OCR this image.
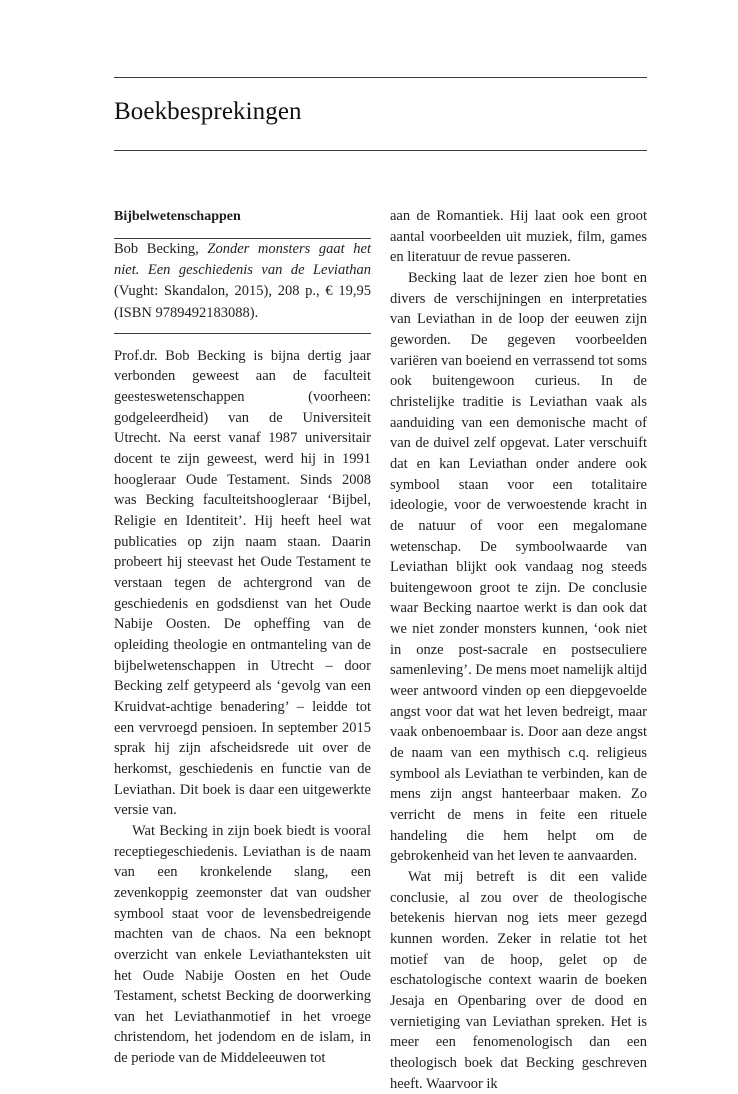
Boekbesprekingen

Bijbelwetenschappen

Bob Becking, Zonder monsters gaat het niet. Een geschiedenis van de Leviathan (Vught: Skandalon, 2015), 208 p., € 19,95 (ISBN 9789492183088).

Prof.dr. Bob Becking is bijna dertig jaar verbonden geweest aan de faculteit geesteswetenschappen (voorheen: godgeleerdheid) van de Universiteit Utrecht. Na eerst vanaf 1987 universitair docent te zijn geweest, werd hij in 1991 hoogleraar Oude Testament. Sinds 2008 was Becking faculteitshoogleraar ‘Bijbel, Religie en Identiteit’. Hij heeft heel wat publicaties op zijn naam staan. Daarin probeert hij steevast het Oude Testament te verstaan tegen de achtergrond van de geschiedenis en godsdienst van het Oude Nabije Oosten. De opheffing van de opleiding theologie en ontmanteling van de bijbelwetenschappen in Utrecht – door Becking zelf getypeerd als ‘gevolg van een Kruidvat-achtige benadering’ – leidde tot een vervroegd pensioen. In september 2015 sprak hij zijn afscheidsrede uit over de herkomst, geschiedenis en functie van de Leviathan. Dit boek is daar een uitgewerkte versie van.

Wat Becking in zijn boek biedt is vooral receptiegeschiedenis. Leviathan is de naam van een kronkelende slang, een zevenkoppig zeemonster dat van oudsher symbool staat voor de levensbedreigende machten van de chaos. Na een beknopt overzicht van enkele Leviathanteksten uit het Oude Nabije Oosten en het Oude Testament, schetst Becking de doorwerking van het Leviathanmotief in het vroege christendom, het jodendom en de islam, in de periode van de Middeleeuwen tot

aan de Romantiek. Hij laat ook een groot aantal voorbeelden uit muziek, film, games en literatuur de revue passeren.

Becking laat de lezer zien hoe bont en divers de verschijningen en interpretaties van Leviathan in de loop der eeuwen zijn geworden. De gegeven voorbeelden variëren van boeiend en verrassend tot soms ook buitengewoon curieus. In de christelijke traditie is Leviathan vaak als aanduiding van een demonische macht of van de duivel zelf opgevat. Later verschuift dat en kan Leviathan onder andere ook symbool staan voor een totalitaire ideologie, voor de verwoestende kracht in de natuur of voor een megalomane wetenschap. De symboolwaarde van Leviathan blijkt ook vandaag nog steeds buitengewoon groot te zijn. De conclusie waar Becking naartoe werkt is dan ook dat we niet zonder monsters kunnen, ‘ook niet in onze post-sacrale en postseculiere samenleving’. De mens moet namelijk altijd weer antwoord vinden op een diepgevoelde angst voor dat wat het leven bedreigt, maar vaak onbenoembaar is. Door aan deze angst de naam van een mythisch c.q. religieus symbool als Leviathan te verbinden, kan de mens zijn angst hanteerbaar maken. Zo verricht de mens in feite een rituele handeling die hem helpt om de gebrokenheid van het leven te aanvaarden.

Wat mij betreft is dit een valide conclusie, al zou over de theologische betekenis hiervan nog iets meer gezegd kunnen worden. Zeker in relatie tot het motief van de hoop, gelet op de eschatologische context waarin de boeken Jesaja en Openbaring over de dood en vernietiging van Leviathan spreken. Het is meer een fenomenologisch dan een theologisch boek dat Becking geschreven heeft. Waarvoor ik
